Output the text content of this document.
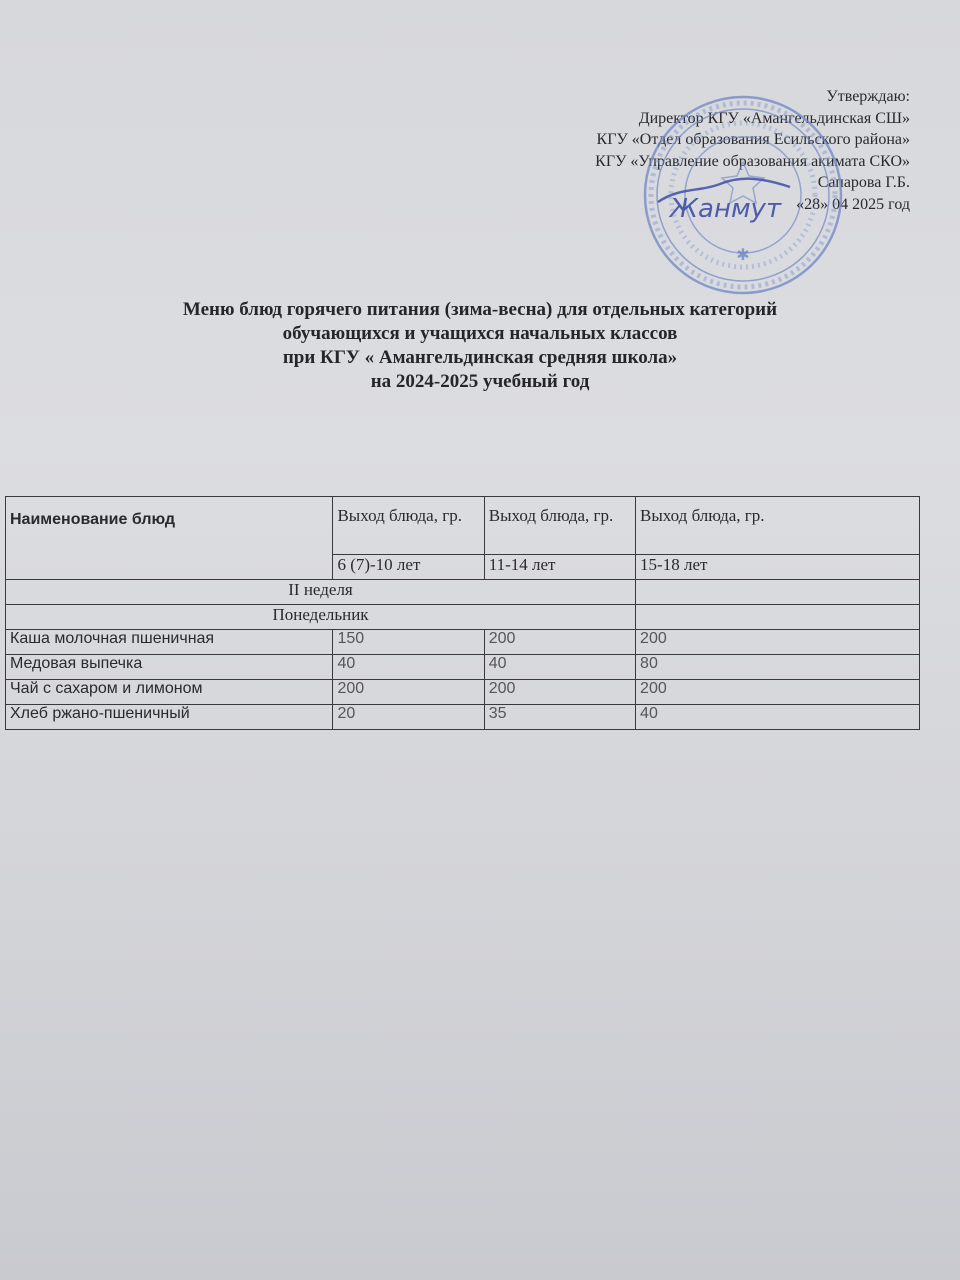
Утверждаю:
Директор КГУ «Амангельдинская СШ»
КГУ «Отдел образования Есильского района»
КГУ «Управление образования акимата СКО»
Сапарова Г.Б.
«28» 04 2025 год
✱
Жанмут
Меню блюд горячего питания (зима-весна) для отдельных категорий
обучающихся и учащихся начальных классов
при КГУ « Амангельдинская средняя школа»
на 2024-2025 учебный год
Наименование блюд	Выход блюда, гр.	Выход блюда, гр.	Выход блюда, гр.
	6 (7)-10 лет	11-14 лет	15-18 лет
II неделя			
Понедельник			
Каша молочная пшеничная	150	200	200
Медовая выпечка	40	40	80
Чай с сахаром и лимоном	200	200	200
Хлеб ржано-пшеничный	20	35	40
